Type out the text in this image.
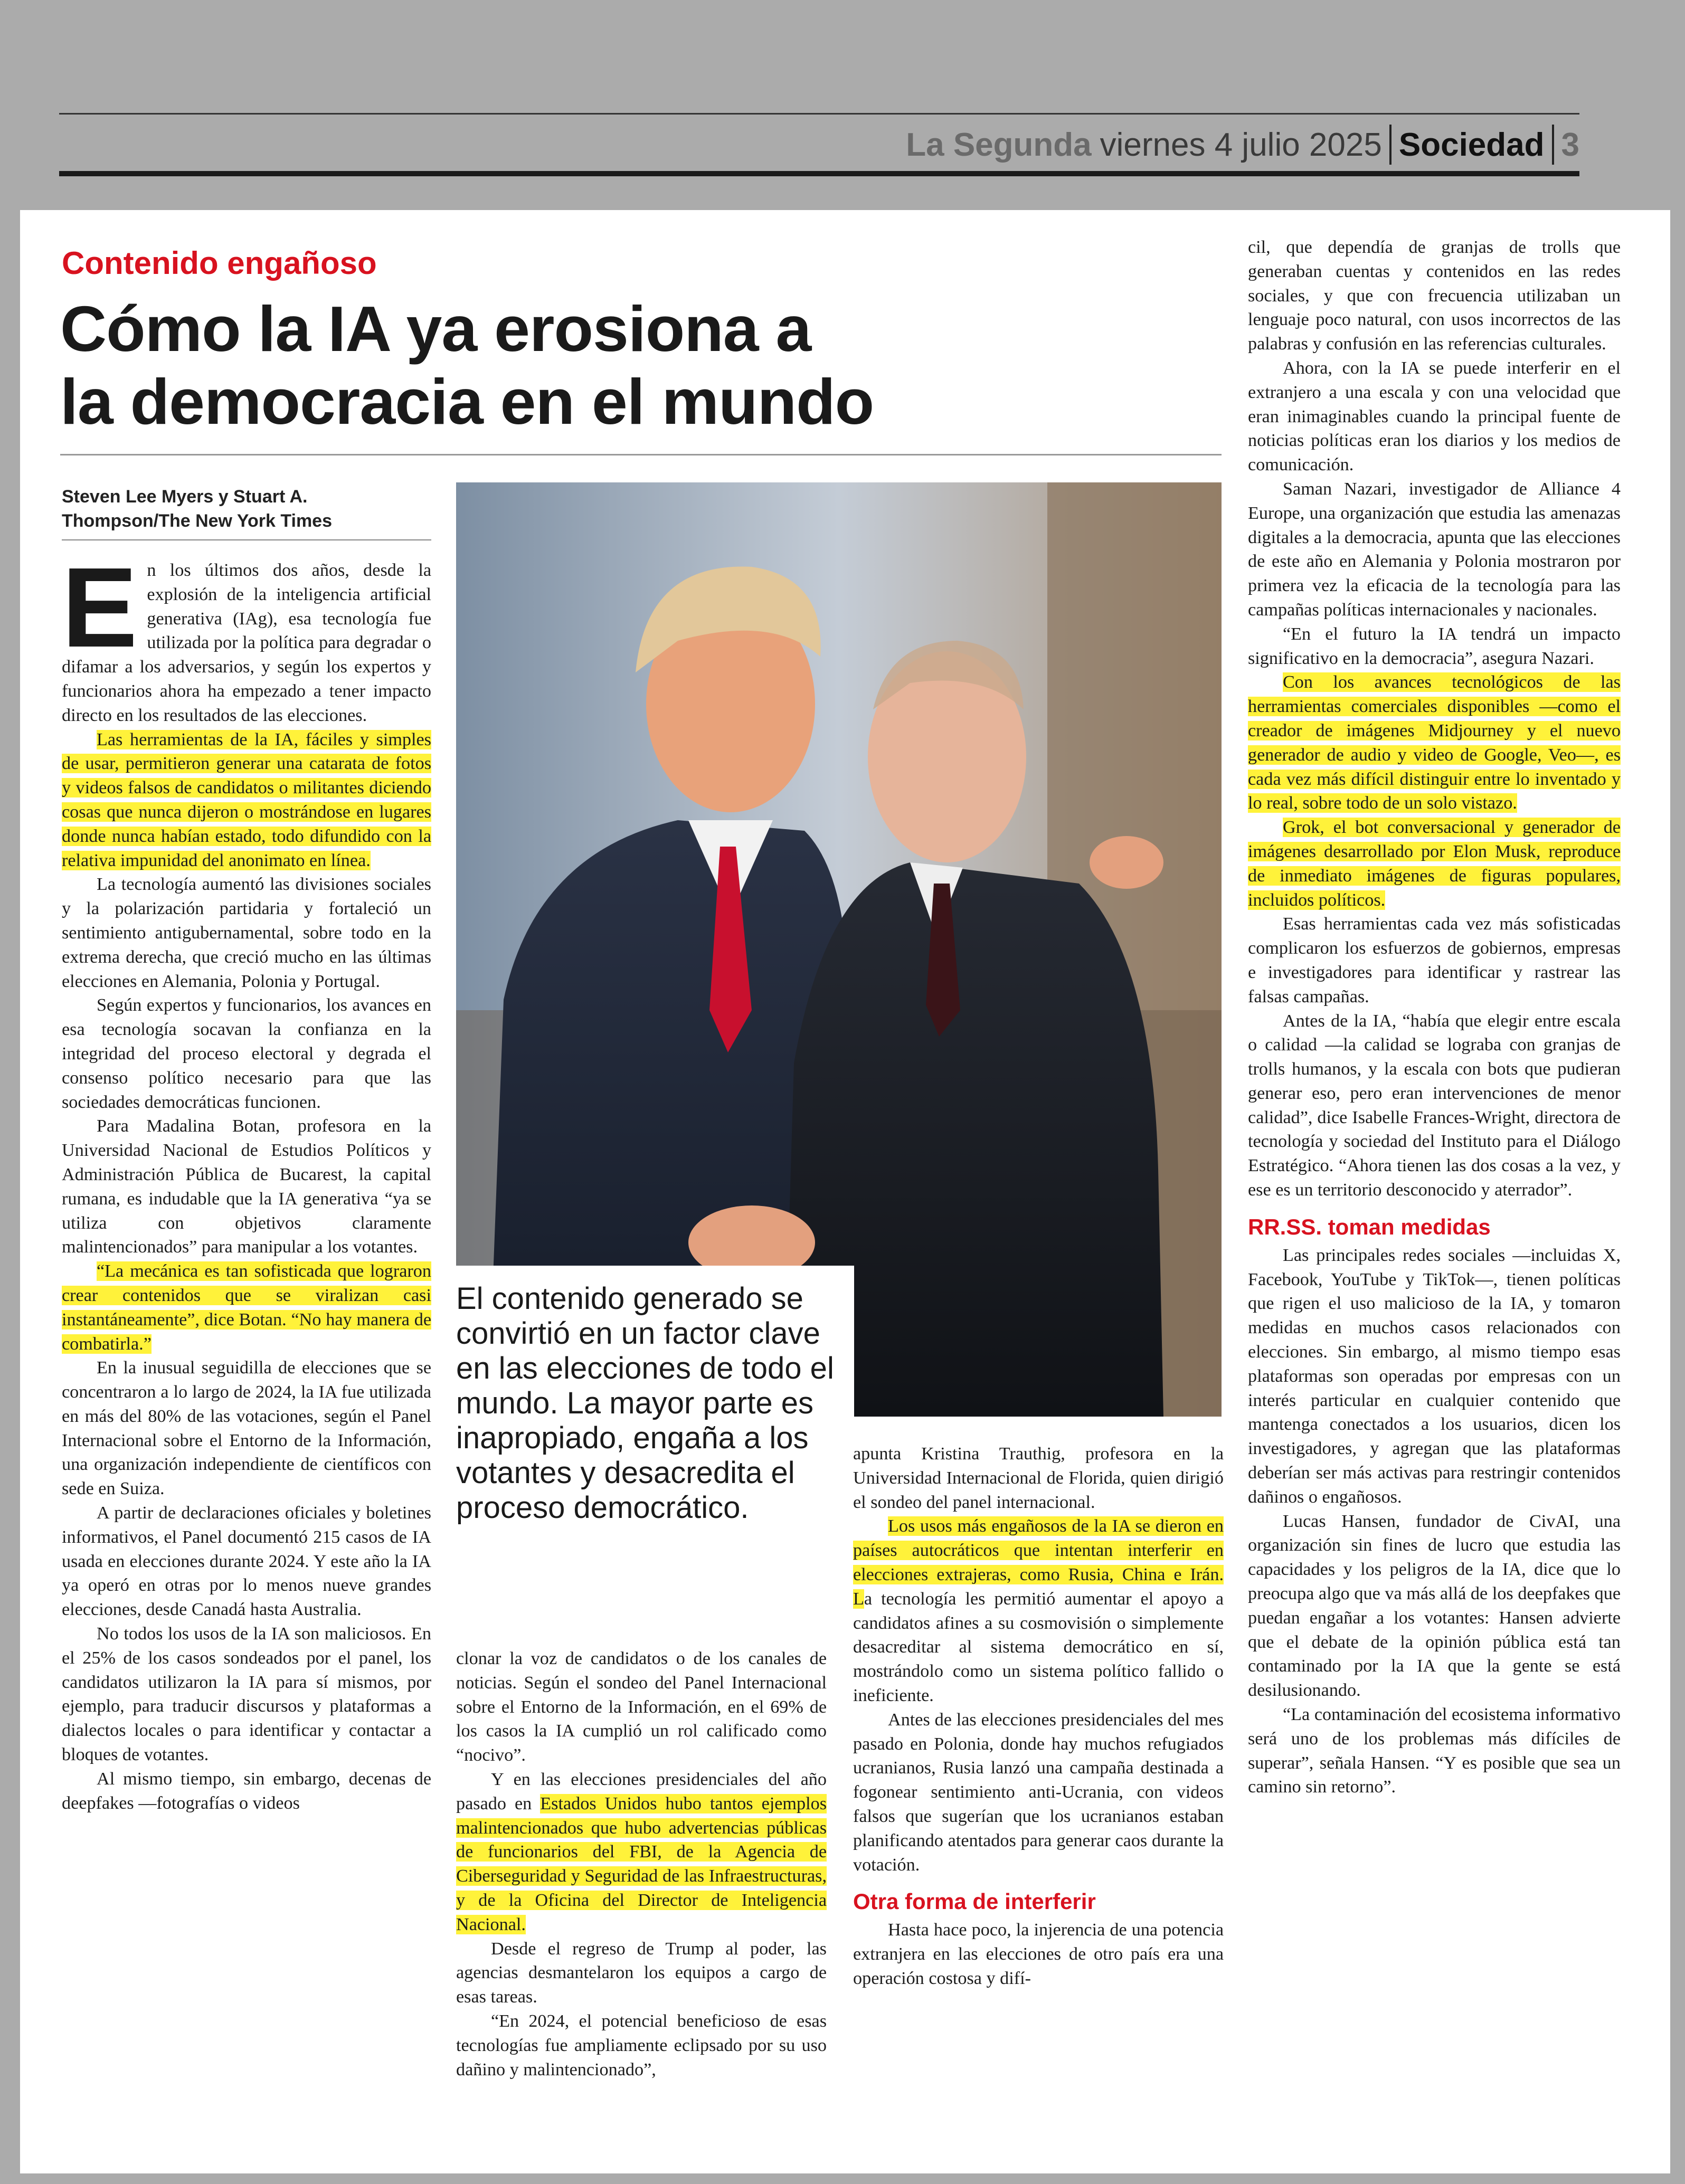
La Segunda viernes 4 julio 2025 Sociedad 3
Contenido engañoso
Cómo la IA ya erosiona a
la democracia en el mundo
Steven Lee Myers y Stuart A.
Thompson/The New York Times

En los últimos dos años, desde la explosión de la inteligencia artificial generativa (IAg), esa tecnología fue utilizada por la política para degradar o difamar a los adversarios, y según los expertos y funcionarios ahora ha empezado a tener impacto directo en los resultados de las elecciones.

Las herramientas de la IA, fáciles y simples de usar, permitieron generar una catarata de fotos y videos falsos de candidatos o militantes diciendo cosas que nunca dijeron o mostrándose en lugares donde nunca habían estado, todo difundido con la relativa impunidad del anonimato en línea.

La tecnología aumentó las divisiones sociales y la polarización partidaria y fortaleció un sentimiento antigubernamental, sobre todo en la extrema derecha, que creció mucho en las últimas elecciones en Alemania, Polonia y Portugal.

Según expertos y funcionarios, los avances en esa tecnología socavan la confianza en la integridad del proceso electoral y degrada el consenso político necesario para que las sociedades democráticas funcionen.

Para Madalina Botan, profesora en la Universidad Nacional de Estudios Políticos y Administración Pública de Bucarest, la capital rumana, es indudable que la IA generativa “ya se utiliza con objetivos claramente malintencionados” para manipular a los votantes.

“La mecánica es tan sofisticada que lograron crear contenidos que se viralizan casi instantáneamente”, dice Botan. “No hay manera de combatirla.”

En la inusual seguidilla de elecciones que se concentraron a lo largo de 2024, la IA fue utilizada en más del 80% de las votaciones, según el Panel Internacional sobre el Entorno de la Información, una organización independiente de científicos con sede en Suiza.

A partir de declaraciones oficiales y boletines informativos, el Panel documentó 215 casos de IA usada en elecciones durante 2024. Y este año la IA ya operó en otras por lo menos nueve grandes elecciones, desde Canadá hasta Australia.

No todos los usos de la IA son maliciosos. En el 25% de los casos sondeados por el panel, los candidatos utilizaron la IA para sí mismos, por ejemplo, para traducir discursos y plataformas a dialectos locales o para identificar y contactar a bloques de votantes.

Al mismo tiempo, sin embargo, decenas de deepfakes —fotografías o videos

El contenido generado se convirtió en un factor clave en las elecciones de todo el mundo. La mayor parte es inapropiado, engaña a los votantes y desacredita el proceso democrático.

clonar la voz de candidatos o de los canales de noticias. Según el sondeo del Panel Internacional sobre el Entorno de la Información, en el 69% de los casos la IA cumplió un rol calificado como “nocivo”.

Y en las elecciones presidenciales del año pasado en Estados Unidos hubo tantos ejemplos malintencionados que hubo advertencias públicas de funcionarios del FBI, de la Agencia de Ciberseguridad y Seguridad de las Infraestructuras, y de la Oficina del Director de Inteligencia Nacional.

Desde el regreso de Trump al poder, las agencias desmantelaron los equipos a cargo de esas tareas.

“En 2024, el potencial beneficioso de esas tecnologías fue ampliamente eclipsado por su uso dañino y malintencionado”,

apunta Kristina Trauthig, profesora en la Universidad Internacional de Florida, quien dirigió el sondeo del panel internacional.

Los usos más engañosos de la IA se dieron en países autocráticos que intentan interferir en elecciones extrajeras, como Rusia, China e Irán. La tecnología les permitió aumentar el apoyo a candidatos afines a su cosmovisión o simplemente desacreditar al sistema democrático en sí, mostrándolo como un sistema político fallido o ineficiente.

Antes de las elecciones presidenciales del mes pasado en Polonia, donde hay muchos refugiados ucranianos, Rusia lanzó una campaña destinada a fogonear sentimiento anti-Ucrania, con videos falsos que sugerían que los ucranianos estaban planificando atentados para generar caos durante la votación.

Otra forma de interferir

Hasta hace poco, la injerencia de una potencia extranjera en las elecciones de otro país era una operación costosa y difí-

cil, que dependía de granjas de trolls que generaban cuentas y contenidos en las redes sociales, y que con frecuencia utilizaban un lenguaje poco natural, con usos incorrectos de las palabras y confusión en las referencias culturales.

Ahora, con la IA se puede interferir en el extranjero a una escala y con una velocidad que eran inimaginables cuando la principal fuente de noticias políticas eran los diarios y los medios de comunicación.

Saman Nazari, investigador de Alliance 4 Europe, una organización que estudia las amenazas digitales a la democracia, apunta que las elecciones de este año en Alemania y Polonia mostraron por primera vez la eficacia de la tecnología para las campañas políticas internacionales y nacionales.

“En el futuro la IA tendrá un impacto significativo en la democracia”, asegura Nazari.

Con los avances tecnológicos de las herramientas comerciales disponibles —como el creador de imágenes Midjourney y el nuevo generador de audio y video de Google, Veo—, es cada vez más difícil distinguir entre lo inventado y lo real, sobre todo de un solo vistazo.

Grok, el bot conversacional y generador de imágenes desarrollado por Elon Musk, reproduce de inmediato imágenes de figuras populares, incluidos políticos.

Esas herramientas cada vez más sofisticadas complicaron los esfuerzos de gobiernos, empresas e investigadores para identificar y rastrear las falsas campañas.

Antes de la IA, “había que elegir entre escala o calidad —la calidad se lograba con granjas de trolls humanos, y la escala con bots que pudieran generar eso, pero eran intervenciones de menor calidad”, dice Isabelle Frances-Wright, directora de tecnología y sociedad del Instituto para el Diálogo Estratégico. “Ahora tienen las dos cosas a la vez, y ese es un territorio desconocido y aterrador”.

RR.SS. toman medidas

Las principales redes sociales —incluidas X, Facebook, YouTube y TikTok—, tienen políticas que rigen el uso malicioso de la IA, y tomaron medidas en muchos casos relacionados con elecciones. Sin embargo, al mismo tiempo esas plataformas son operadas por empresas con un interés particular en cualquier contenido que mantenga conectados a los usuarios, dicen los investigadores, y agregan que las plataformas deberían ser más activas para restringir contenidos dañinos o engañosos.

Lucas Hansen, fundador de CivAI, una organización sin fines de lucro que estudia las capacidades y los peligros de la IA, dice que lo preocupa algo que va más allá de los deepfakes que puedan engañar a los votantes: Hansen advierte que el debate de la opinión pública está tan contaminado por la IA que la gente se está desilusionando.

“La contaminación del ecosistema informativo será uno de los problemas más difíciles de superar”, señala Hansen. “Y es posible que sea un camino sin retorno”.
